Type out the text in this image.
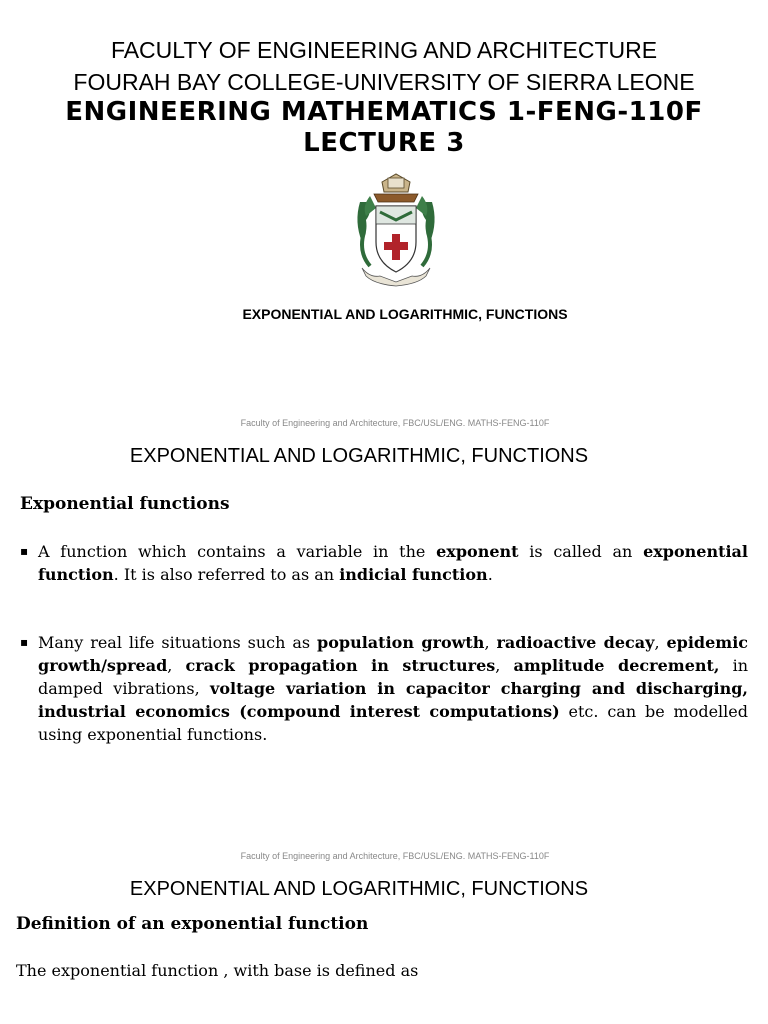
FACULTY OF ENGINEERING AND ARCHITECTURE
FOURAH BAY COLLEGE-UNIVERSITY OF SIERRA LEONE
ENGINEERING MATHEMATICS 1-FENG-110F
LECTURE 3
EXPONENTIAL AND LOGARITHMIC, FUNCTIONS
Faculty of Engineering and Architecture, FBC/USL/ENG. MATHS-FENG-110F
EXPONENTIAL AND LOGARITHMIC, FUNCTIONS
Exponential functions
▪ A function which contains a variable in the exponent is called an exponential function. It is also referred to as an indicial function.
▪ Many real life situations such as population growth, radioactive decay, epidemic growth/spread, crack propagation in structures, amplitude decrement, in damped vibrations, voltage variation in capacitor charging and discharging, industrial economics (compound interest computations) etc. can be modelled using exponential functions.
Faculty of Engineering and Architecture, FBC/USL/ENG. MATHS-FENG-110F
EXPONENTIAL AND LOGARITHMIC, FUNCTIONS
Definition of an exponential function
The exponential function , with base is defined as
